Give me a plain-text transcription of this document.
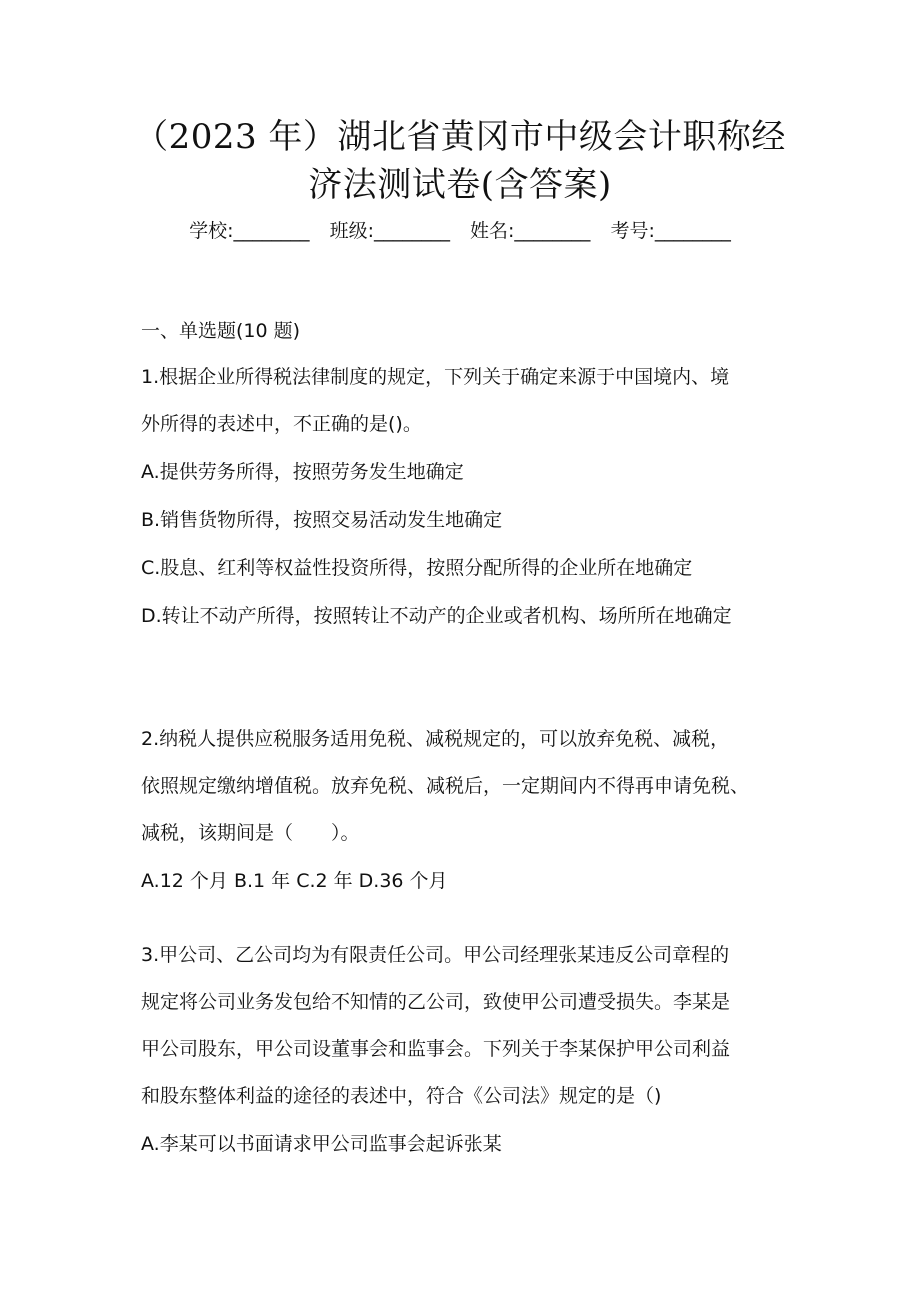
（2023 年）湖北省黄冈市中级会计职称经
济法测试卷(含答案)
学校:________ 班级:________ 姓名:________ 考号:________
一、单选题(10 题)
1.根据企业所得税法律制度的规定，下列关于确定来源于中国境内、境
外所得的表述中，不正确的是()。
A.提供劳务所得，按照劳务发生地确定
B.销售货物所得，按照交易活动发生地确定
C.股息、红利等权益性投资所得，按照分配所得的企业所在地确定
D.转让不动产所得，按照转让不动产的企业或者机构、场所所在地确定
2.纳税人提供应税服务适用免税、减税规定的，可以放弃免税、减税，
依照规定缴纳增值税。放弃免税、减税后，一定期间内不得再申请免税、
减税，该期间是（　　）。
A.12 个月 B.1 年 C.2 年 D.36 个月
3.甲公司、乙公司均为有限责任公司。甲公司经理张某违反公司章程的
规定将公司业务发包给不知情的乙公司，致使甲公司遭受损失。李某是
甲公司股东，甲公司设董事会和监事会。下列关于李某保护甲公司利益
和股东整体利益的途径的表述中，符合《公司法》规定的是（)
A.李某可以书面请求甲公司监事会起诉张某
